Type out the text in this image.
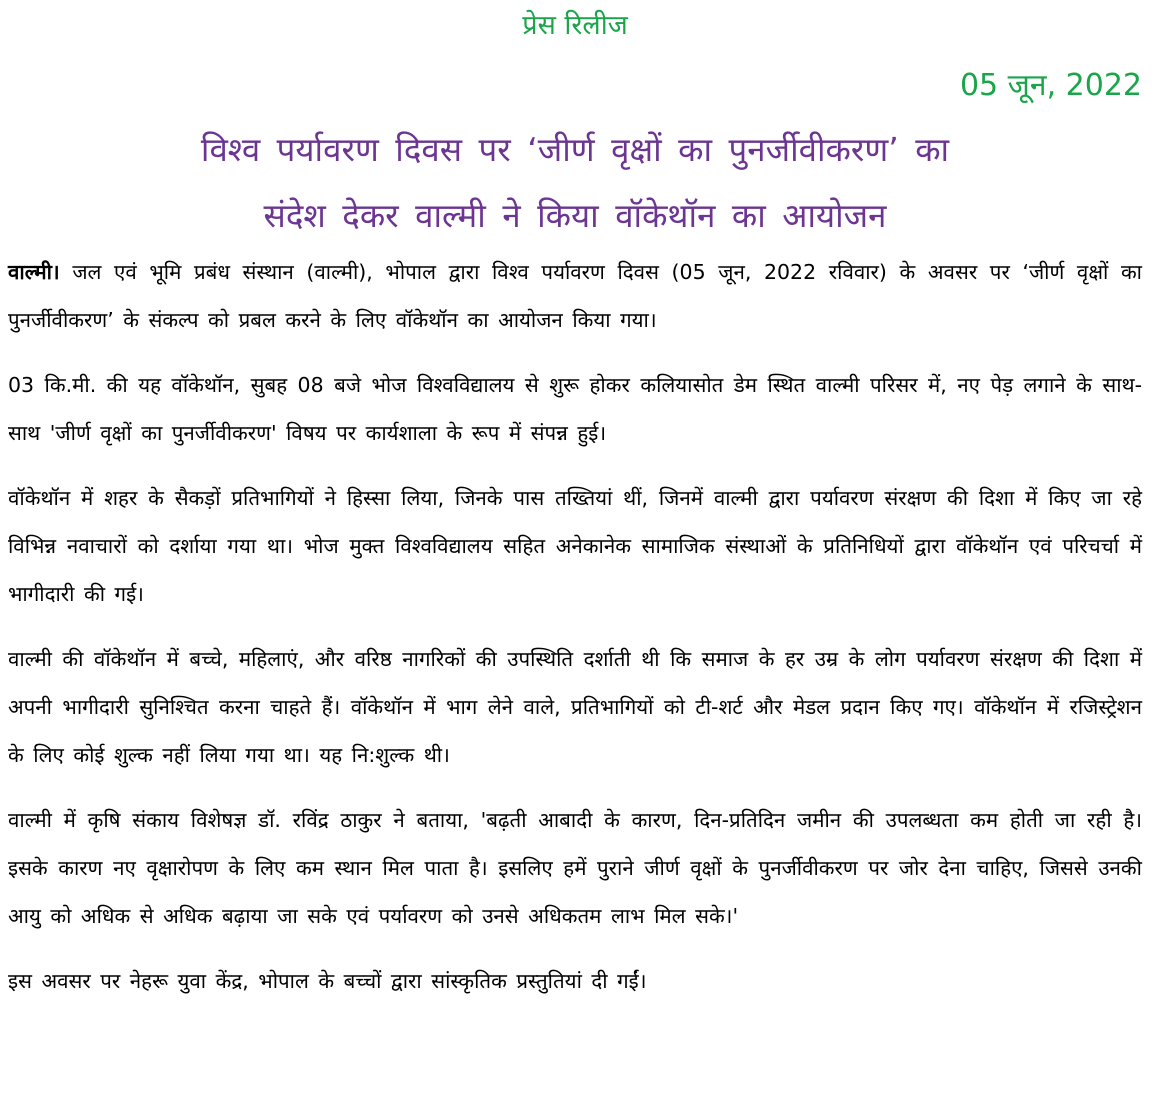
प्रेस रिलीज
05 जून, 2022
विश्व पर्यावरण दिवस पर ‘जीर्ण वृक्षों का पुनर्जीवीकरण’ का
संदेश देकर वाल्मी ने किया वॉकेथॉन का आयोजन

वाल्मी। जल एवं भूमि प्रबंध संस्थान (वाल्मी), भोपाल द्वारा विश्व पर्यावरण दिवस (05 जून, 2022 रविवार) के अवसर पर ‘जीर्ण वृक्षों का पुनर्जीवीकरण’ के संकल्प को प्रबल करने के लिए वॉकेथॉन का आयोजन किया गया।

03 कि.मी. की यह वॉकेथॉन, सुबह 08 बजे भोज विश्वविद्यालय से शुरू होकर कलियासोत डेम स्थित वाल्मी परिसर में, नए पेड़ लगाने के साथ-साथ 'जीर्ण वृक्षों का पुनर्जीवीकरण' विषय पर कार्यशाला के रूप में संपन्न हुई।

वॉकेथॉन में शहर के सैकड़ों प्रतिभागियों ने हिस्सा लिया, जिनके पास तख्तियां थीं, जिनमें वाल्मी द्वारा पर्यावरण संरक्षण की दिशा में किए जा रहे विभिन्न नवाचारों को दर्शाया गया था। भोज मुक्त विश्वविद्यालय सहित अनेकानेक सामाजिक संस्थाओं के प्रतिनिधियों द्वारा वॉकेथॉन एवं परिचर्चा में भागीदारी की गई।

वाल्मी की वॉकेथॉन में बच्चे, महिलाएं, और वरिष्ठ नागरिकों की उपस्थिति दर्शाती थी कि समाज के हर उम्र के लोग पर्यावरण संरक्षण की दिशा में अपनी भागीदारी सुनिश्चित करना चाहते हैं। वॉकेथॉन में भाग लेने वाले, प्रतिभागियों को टी-शर्ट और मेडल प्रदान किए गए। वॉकेथॉन में रजिस्ट्रेशन के लिए कोई शुल्क नहीं लिया गया था। यह नि:शुल्क थी।

वाल्मी में कृषि संकाय विशेषज्ञ डॉ. रविंद्र ठाकुर ने बताया, 'बढ़ती आबादी के कारण, दिन-प्रतिदिन जमीन की उपलब्धता कम होती जा रही है। इसके कारण नए वृक्षारोपण के लिए कम स्थान मिल पाता है। इसलिए हमें पुराने जीर्ण वृक्षों के पुनर्जीवीकरण पर जोर देना चाहिए, जिससे उनकी आयु को अधिक से अधिक बढ़ाया जा सके एवं पर्यावरण को उनसे अधिकतम लाभ मिल सके।'

इस अवसर पर नेहरू युवा केंद्र, भोपाल के बच्चों द्वारा सांस्कृतिक प्रस्तुतियां दी गईं।
